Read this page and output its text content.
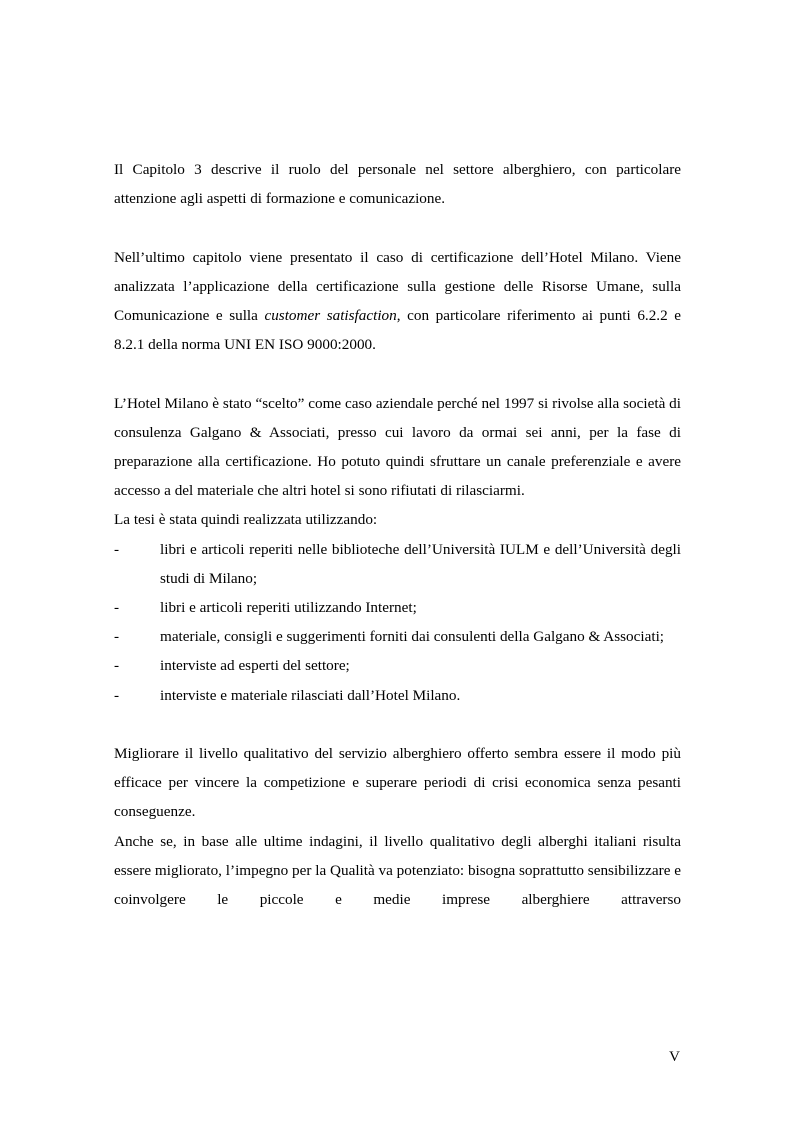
Il Capitolo 3 descrive il ruolo del personale nel settore alberghiero, con particolare attenzione agli aspetti di formazione e comunicazione.

Nell’ultimo capitolo viene presentato il caso di certificazione dell’Hotel Milano. Viene analizzata l’applicazione della certificazione sulla gestione delle Risorse Umane, sulla Comunicazione e sulla customer satisfaction, con particolare riferimento ai punti 6.2.2 e 8.2.1 della norma UNI EN ISO 9000:2000.

L’Hotel Milano è stato “scelto” come caso aziendale perché nel 1997 si rivolse alla società di consulenza Galgano & Associati, presso cui lavoro da ormai sei anni, per la fase di preparazione alla certificazione. Ho potuto quindi sfruttare un canale preferenziale e avere accesso a del materiale che altri hotel si sono rifiutati di rilasciarmi.

La tesi è stata quindi realizzata utilizzando:

-	libri e articoli reperiti nelle biblioteche dell’Università IULM e dell’Università degli studi di Milano;
-	libri e articoli reperiti utilizzando Internet;
-	materiale, consigli e suggerimenti forniti dai consulenti della Galgano & Associati;
-	interviste ad esperti del settore;
-	interviste e materiale rilasciati dall’Hotel Milano.

Migliorare il livello qualitativo del servizio alberghiero offerto sembra essere il modo più efficace per vincere la competizione e superare periodi di crisi economica senza pesanti conseguenze.

Anche se, in base alle ultime indagini, il livello qualitativo degli alberghi italiani risulta essere migliorato, l’impegno per la Qualità va potenziato: bisogna soprattutto sensibilizzare e coinvolgere le piccole e medie imprese alberghiere attraverso

V
